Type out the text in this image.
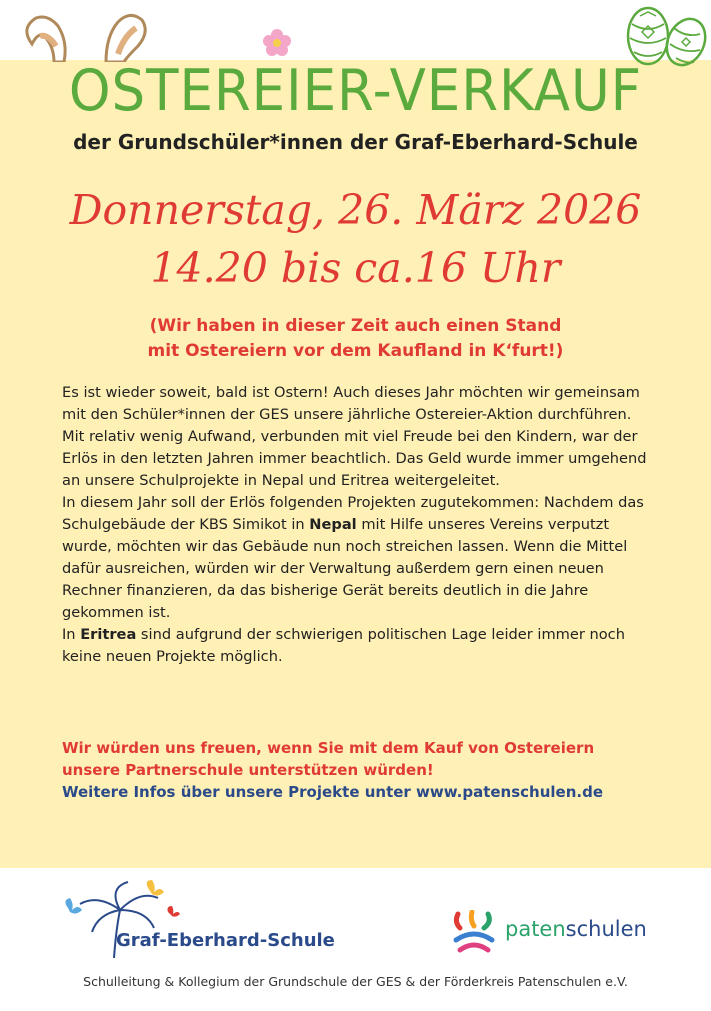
OSTEREIER-VERKAUF
der Grundschüler*innen der Graf-Eberhard-Schule
Donnerstag, 26. März 2026
14.20 bis ca.16 Uhr
(Wir haben in dieser Zeit auch einen Stand
mit Ostereiern vor dem Kaufland in K‘furt!)

Es ist wieder soweit, bald ist Ostern! Auch dieses Jahr möchten wir gemeinsam mit den Schüler*innen der GES unsere jährliche Ostereier-Aktion durchführen.

Mit relativ wenig Aufwand, verbunden mit viel Freude bei den Kindern, war der Erlös in den letzten Jahren immer beachtlich. Das Geld wurde immer umgehend an unsere Schulprojekte in Nepal und Eritrea weitergeleitet.

In diesem Jahr soll der Erlös folgenden Projekten zugutekommen: Nachdem das Schulgebäude der KBS Simikot in Nepal mit Hilfe unseres Vereins verputzt wurde, möchten wir das Gebäude nun noch streichen lassen. Wenn die Mittel dafür ausreichen, würden wir der Verwaltung außerdem gern einen neuen Rechner finanzieren, da das bisherige Gerät bereits deutlich in die Jahre gekommen ist.

In Eritrea sind aufgrund der schwierigen politischen Lage leider immer noch keine neuen Projekte möglich.

Wir würden uns freuen, wenn Sie mit dem Kauf von Ostereiern
unsere Partnerschule unterstützen würden!
Weitere Infos über unsere Projekte unter www.patenschulen.de
Graf-Eberhard-Schule	patenschulen
Schulleitung & Kollegium der Grundschule der GES & der Förderkreis Patenschulen e.V.
